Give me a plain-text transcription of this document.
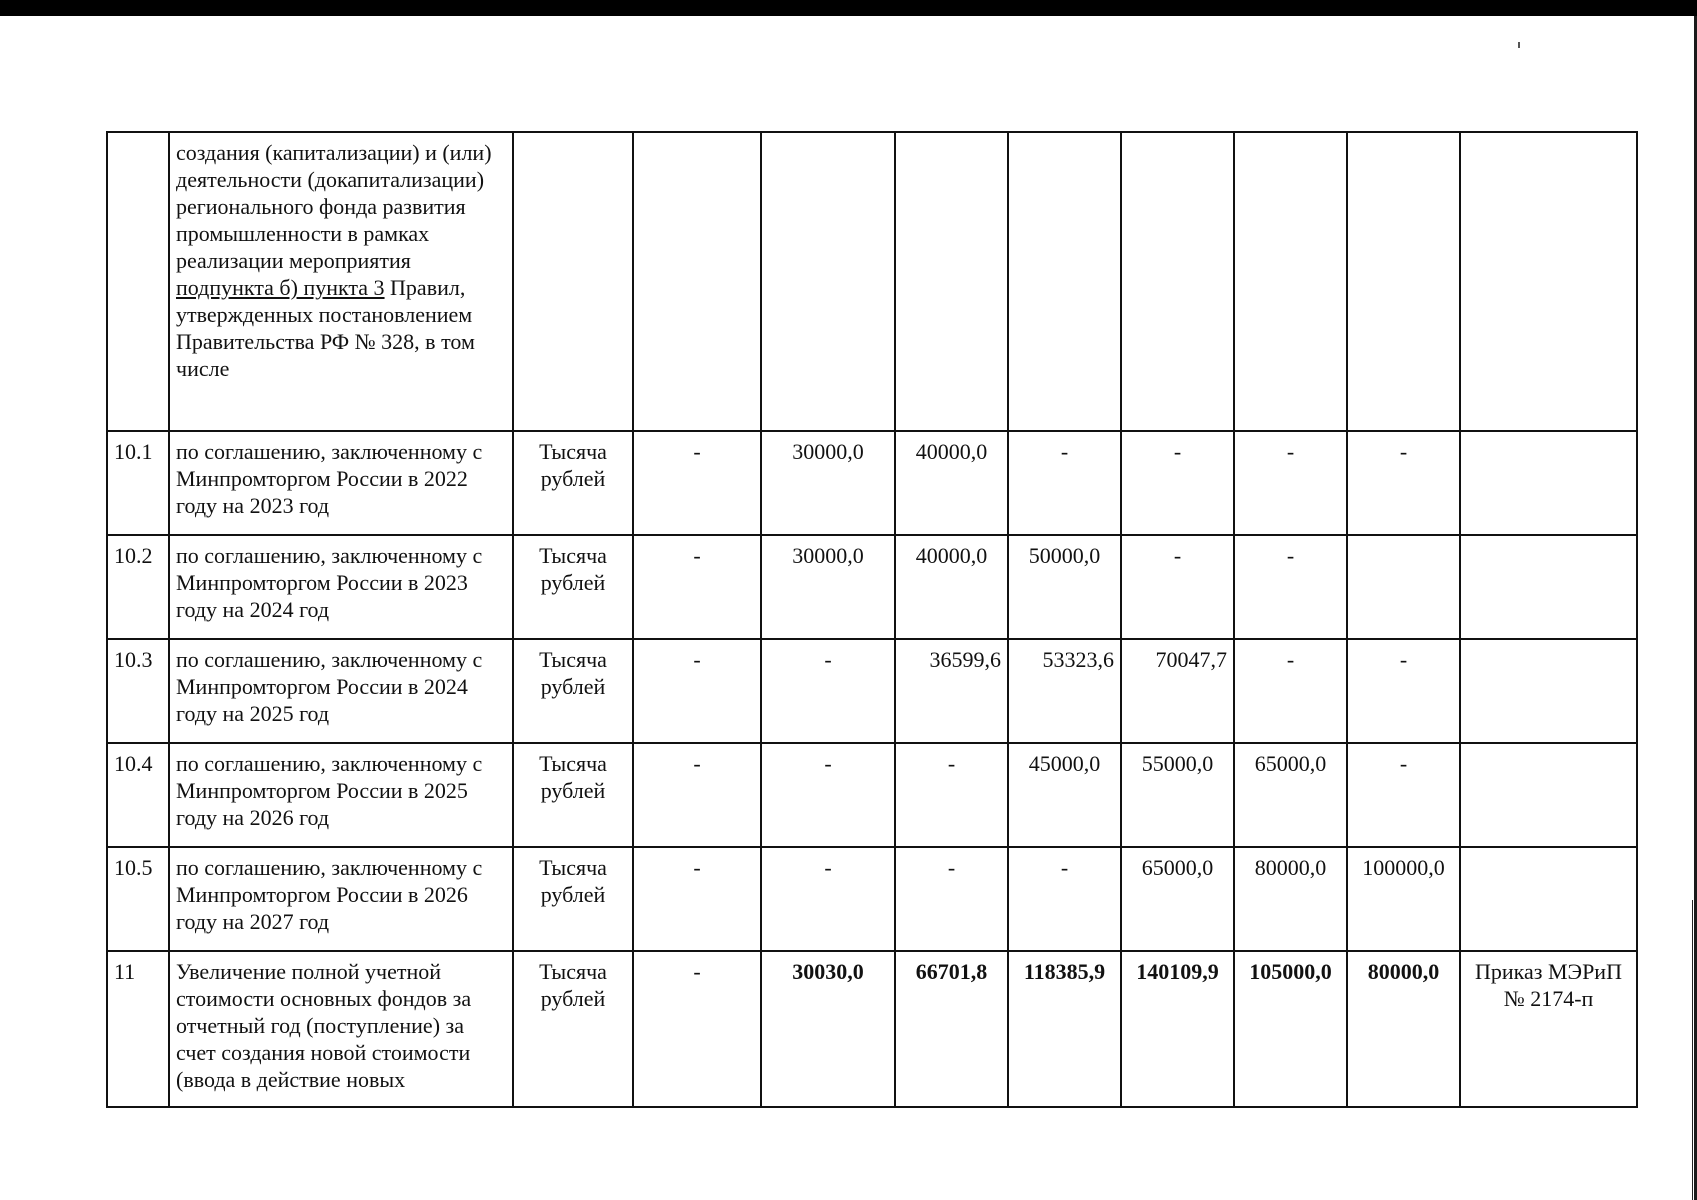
	создания (капитализации) и (или) деятельности (докапитализации) регионального фонда развития промышленности в рамках реализации мероприятия подпункта б) пункта 3 Правил, утвержденных постановлением Правительства РФ № 328, в том числе									
10.1	по соглашению, заключенному с Минпромторгом России в 2022 году на 2023 год	Тысяча рублей	-	30000,0	40000,0	-	-	-	-	
10.2	по соглашению, заключенному с Минпромторгом России в 2023 году на 2024 год	Тысяча рублей	-	30000,0	40000,0	50000,0	-	-		
10.3	по соглашению, заключенному с Минпромторгом России в 2024 году на 2025 год	Тысяча рублей	-	-	36599,6	53323,6	70047,7	-	-	
10.4	по соглашению, заключенному с Минпромторгом России в 2025 году на 2026 год	Тысяча рублей	-	-	-	45000,0	55000,0	65000,0	-	
10.5	по соглашению, заключенному с Минпромторгом России в 2026 году на 2027 год	Тысяча рублей	-	-	-	-	65000,0	80000,0	100000,0	
11	Увеличение полной учетной стоимости основных фондов за отчетный год (поступление) за счет создания новой стоимости (ввода в действие новых	Тысяча рублей	-	30030,0	66701,8	118385,9	140109,9	105000,0	80000,0	Приказ МЭРиП № 2174-п
